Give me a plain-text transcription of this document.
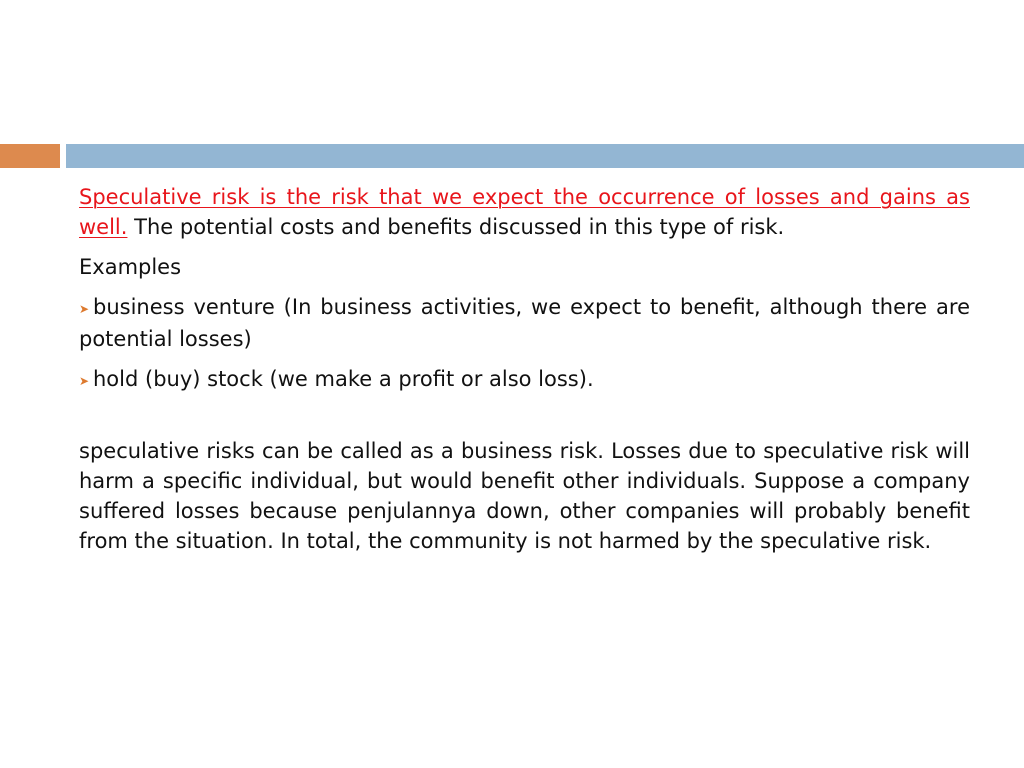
Speculative risk is the risk that we expect the occurrence of losses and gains as well. The potential costs and benefits discussed in this type of risk.

Examples

➤ business venture (In business activities, we expect to benefit, although there are potential losses)

➤ hold (buy) stock (we make a profit or also loss).

speculative risks can be called as a business risk. Losses due to speculative risk will harm a specific individual, but would benefit other individuals. Suppose a company suffered losses because penjulannya down, other companies will probably benefit from the situation. In total, the community is not harmed by the speculative risk.
